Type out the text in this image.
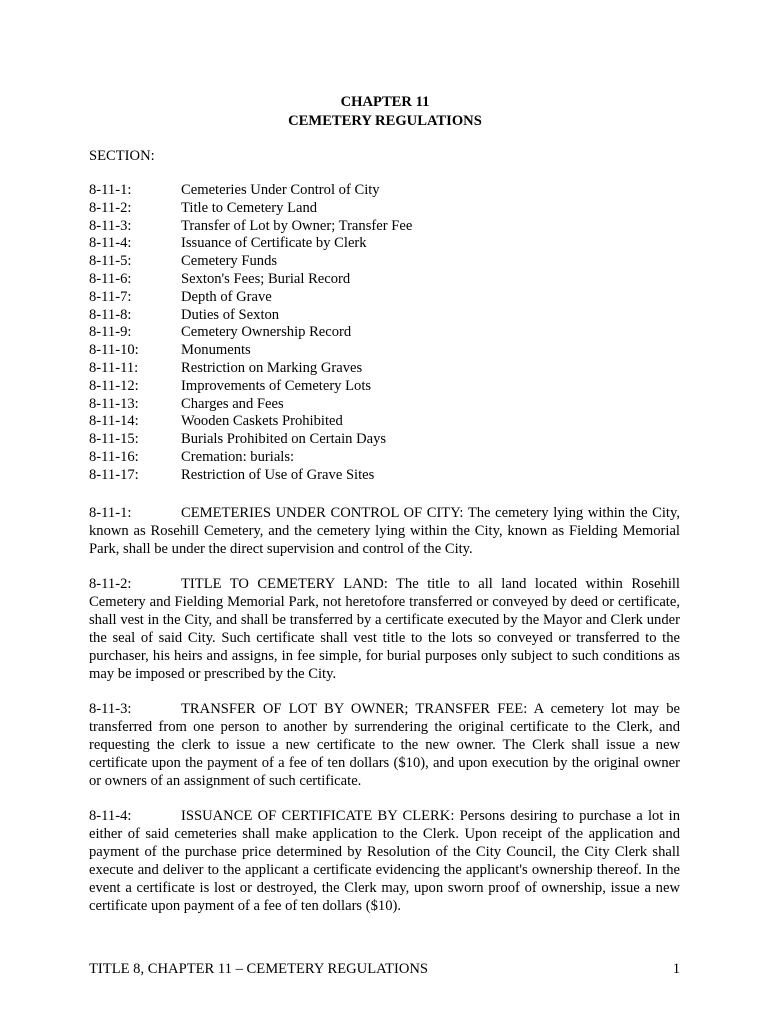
CHAPTER 11
CEMETERY REGULATIONS
SECTION:
8-11-1:	Cemeteries Under Control of City
8-11-2:	Title to Cemetery Land
8-11-3:	Transfer of Lot by Owner; Transfer Fee
8-11-4:	Issuance of Certificate by Clerk
8-11-5:	Cemetery Funds
8-11-6:	Sexton's Fees; Burial Record
8-11-7:	Depth of Grave
8-11-8:	Duties of Sexton
8-11-9:	Cemetery Ownership Record
8-11-10:	Monuments
8-11-11:	Restriction on Marking Graves
8-11-12:	Improvements of Cemetery Lots
8-11-13:	Charges and Fees
8-11-14:	Wooden Caskets Prohibited
8-11-15:	Burials Prohibited on Certain Days
8-11-16:	Cremation: burials:
8-11-17:	Restriction of Use of Grave Sites

8-11-1:	CEMETERIES UNDER CONTROL OF CITY: The cemetery lying within the City, known as Rosehill Cemetery, and the cemetery lying within the City, known as Fielding Memorial Park, shall be under the direct supervision and control of the City.

8-11-2:	TITLE TO CEMETERY LAND: The title to all land located within Rosehill Cemetery and Fielding Memorial Park, not heretofore transferred or conveyed by deed or certificate, shall vest in the City, and shall be transferred by a certificate executed by the Mayor and Clerk under the seal of said City. Such certificate shall vest title to the lots so conveyed or transferred to the purchaser, his heirs and assigns, in fee simple, for burial purposes only subject to such conditions as may be imposed or prescribed by the City.

8-11-3:	TRANSFER OF LOT BY OWNER; TRANSFER FEE: A cemetery lot may be transferred from one person to another by surrendering the original certificate to the Clerk, and requesting the clerk to issue a new certificate to the new owner. The Clerk shall issue a new certificate upon the payment of a fee of ten dollars ($10), and upon execution by the original owner or owners of an assignment of such certificate.

8-11-4:	ISSUANCE OF CERTIFICATE BY CLERK: Persons desiring to purchase a lot in either of said cemeteries shall make application to the Clerk. Upon receipt of the application and payment of the purchase price determined by Resolution of the City Council, the City Clerk shall execute and deliver to the applicant a certificate evidencing the applicant's ownership thereof. In the event a certificate is lost or destroyed, the Clerk may, upon sworn proof of ownership, issue a new certificate upon payment of a fee of ten dollars ($10).

TITLE 8, CHAPTER 11 – CEMETERY REGULATIONS	1
